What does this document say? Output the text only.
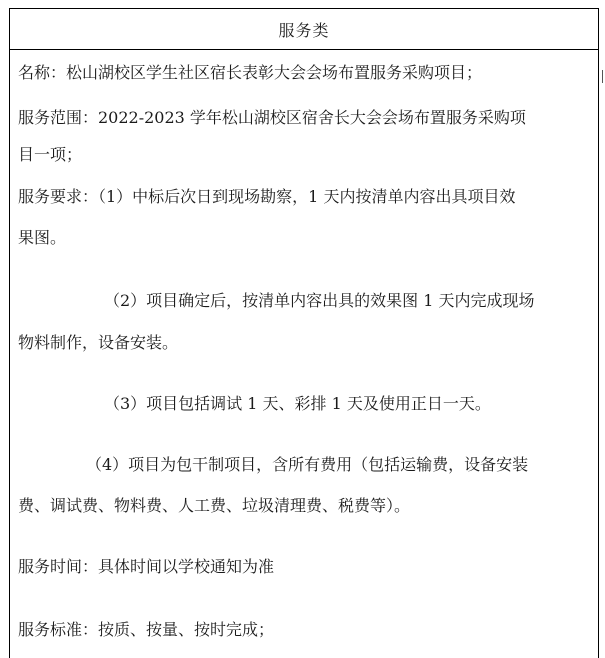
服务类
名称：松山湖校区学生社区宿长表彰大会会场布置服务采购项目；
服务范围：2022-2023 学年松山湖校区宿舍长大会会场布置服务采购项
目一项；
服务要求：（1）中标后次日到现场勘察，1 天内按清单内容出具项目效
果图。
（2）项目确定后，按清单内容出具的效果图 1 天内完成现场
物料制作，设备安装。
（3）项目包括调试 1 天、彩排 1 天及使用正日一天。
（4）项目为包干制项目，含所有费用（包括运输费，设备安装
费、调试费、物料费、人工费、垃圾清理费、税费等）。
服务时间：具体时间以学校通知为准
服务标准：按质、按量、按时完成；
